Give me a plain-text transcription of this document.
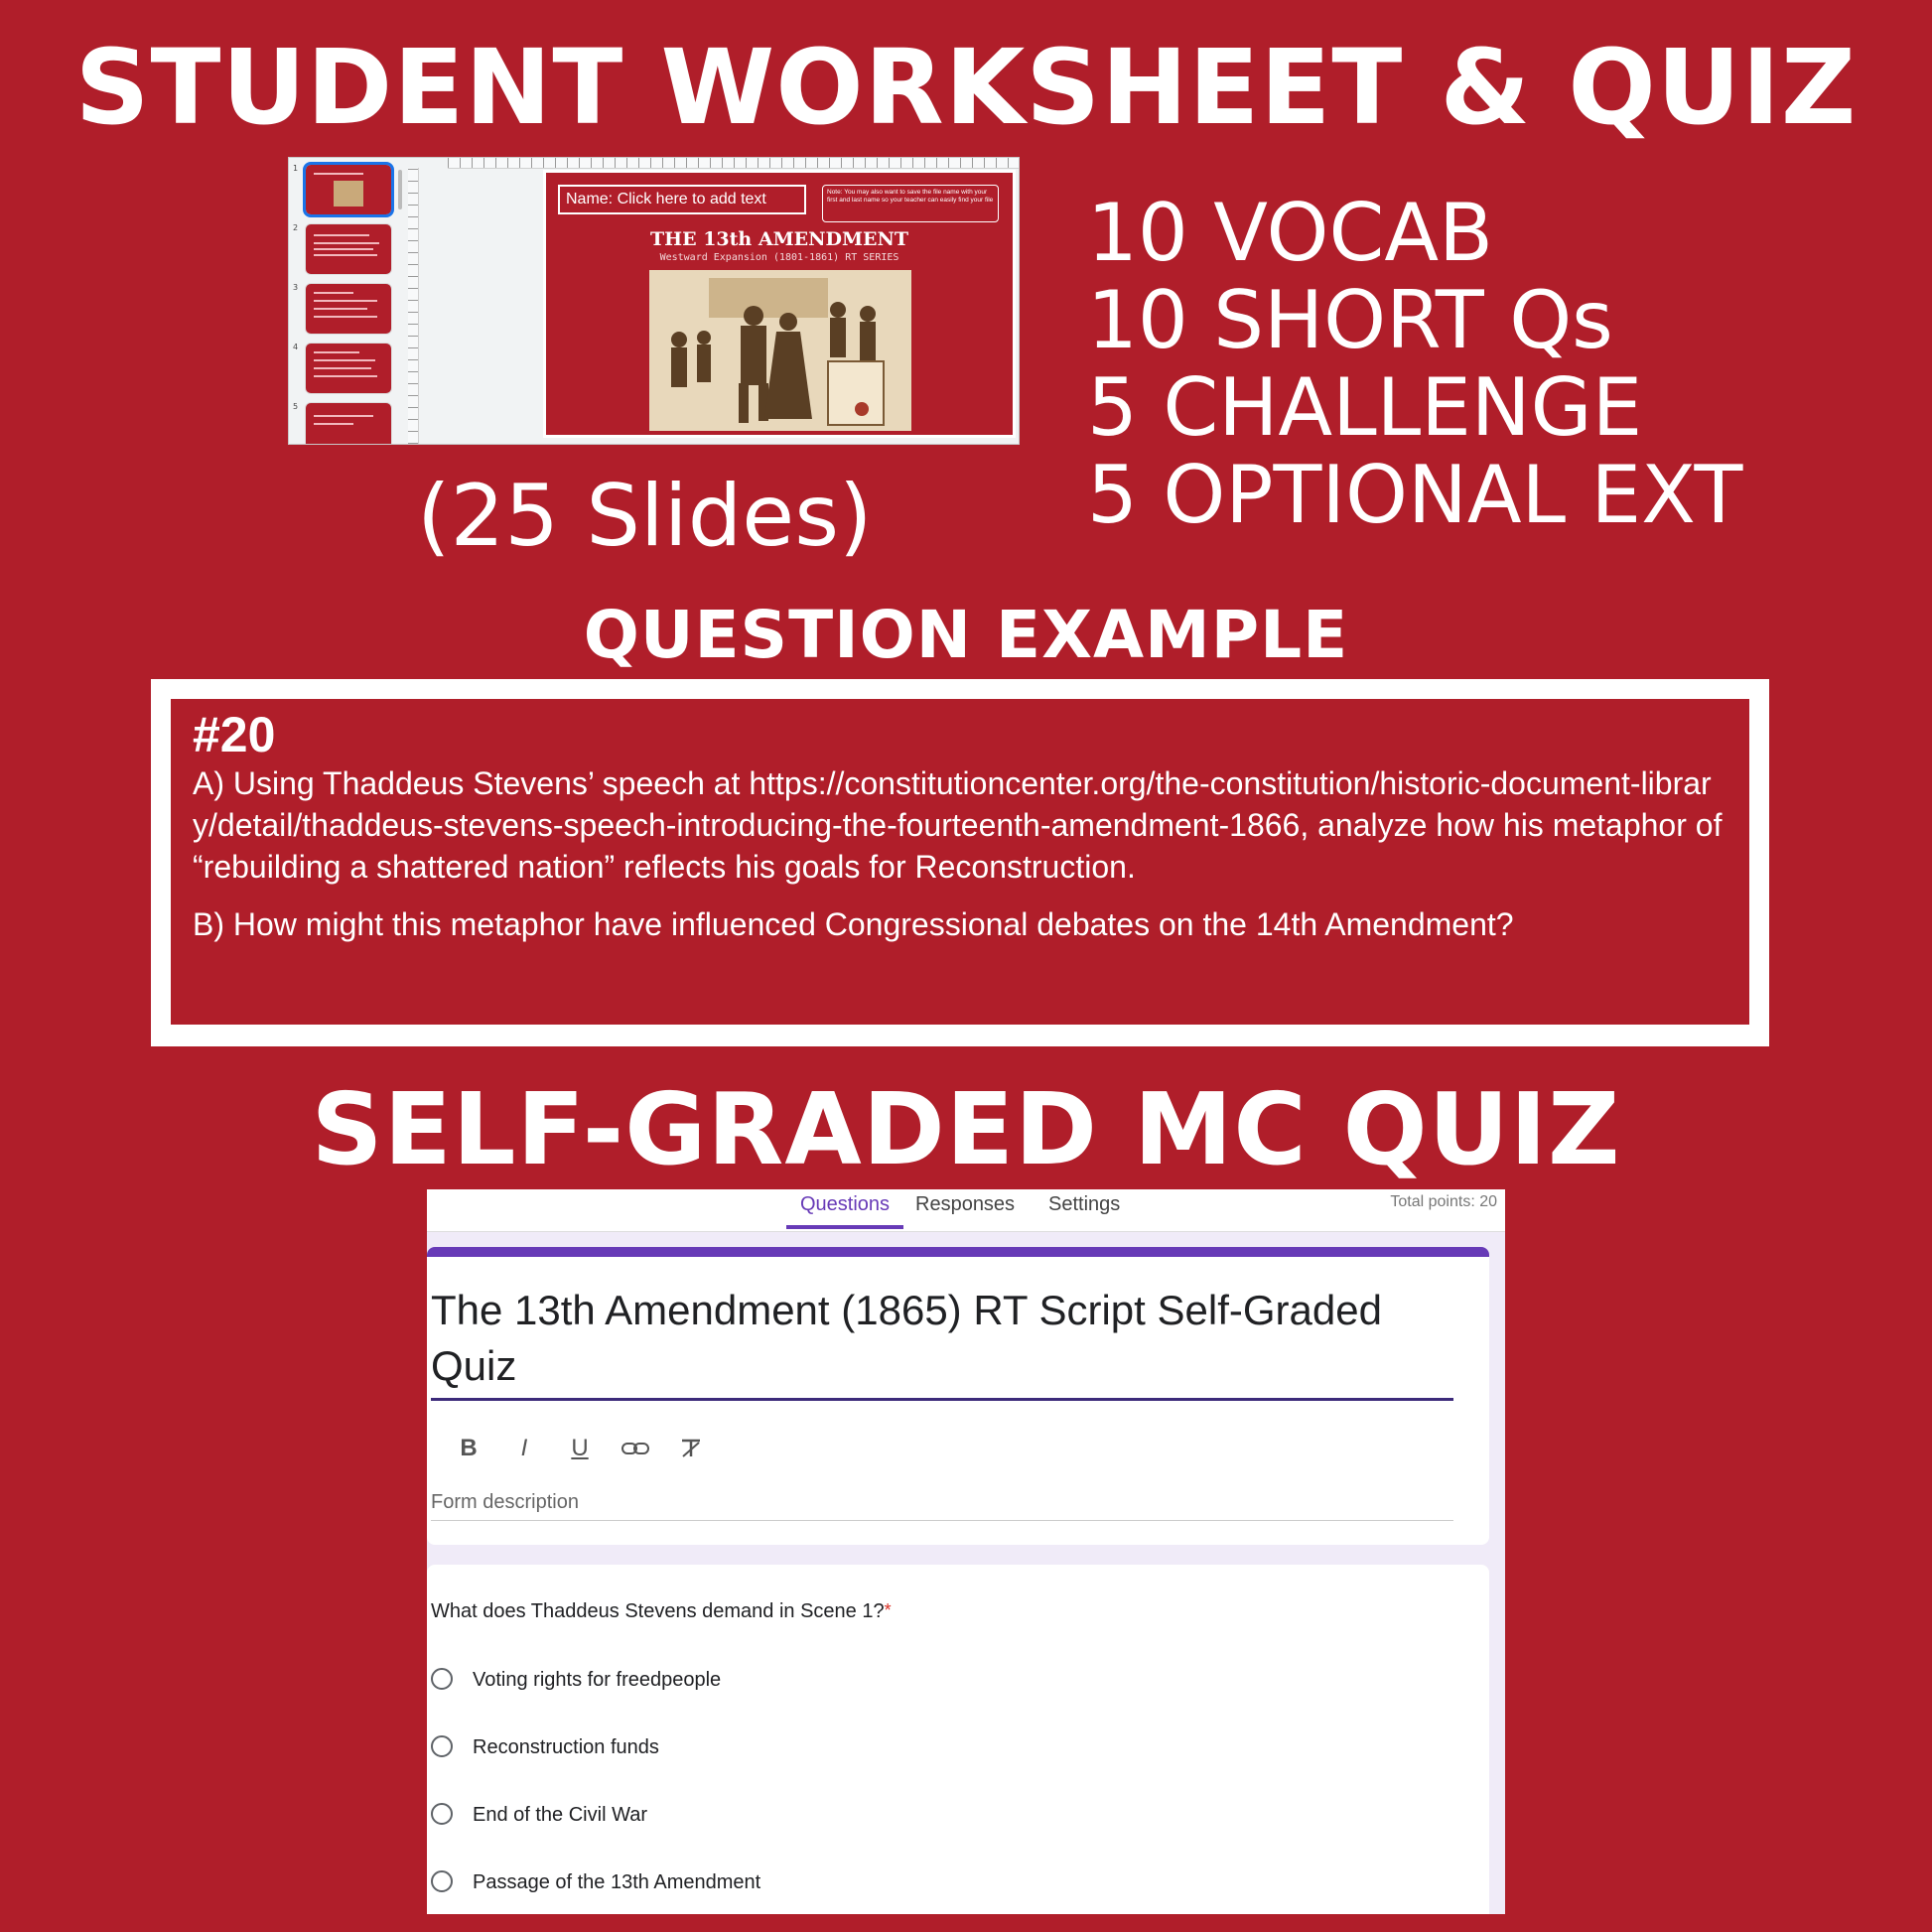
STUDENT WORKSHEET & QUIZ
1
2
3
4
5
Name: Click here to add text	Note: You may also want to save the file name with your first and last name so your teacher can easily find your file
THE 13th AMENDMENT
Westward Expansion (1801-1861) RT SERIES
(25 Slides)
10 VOCAB
10 SHORT Qs
5 CHALLENGE
5 OPTIONAL EXT
QUESTION EXAMPLE
#20
A) Using Thaddeus Stevens’ speech at https://constitutioncenter.org/the-constitution/historic-document-library/detail/thaddeus-stevens-speech-introducing-the-fourteenth-amendment-1866, analyze how his metaphor of “rebuilding a shattered nation” reflects his goals for Reconstruction.
B) How might this metaphor have influenced Congressional debates on the 14th Amendment?
SELF-GRADED MC QUIZ
Questions	Responses Settings	Total points: 20
The 13th Amendment (1865) RT Script Self-Graded Quiz
B	I	U
Form description
What does Thaddeus Stevens demand in Scene 1?*
Voting rights for freedpeople
Reconstruction funds
End of the Civil War
Passage of the 13th Amendment
